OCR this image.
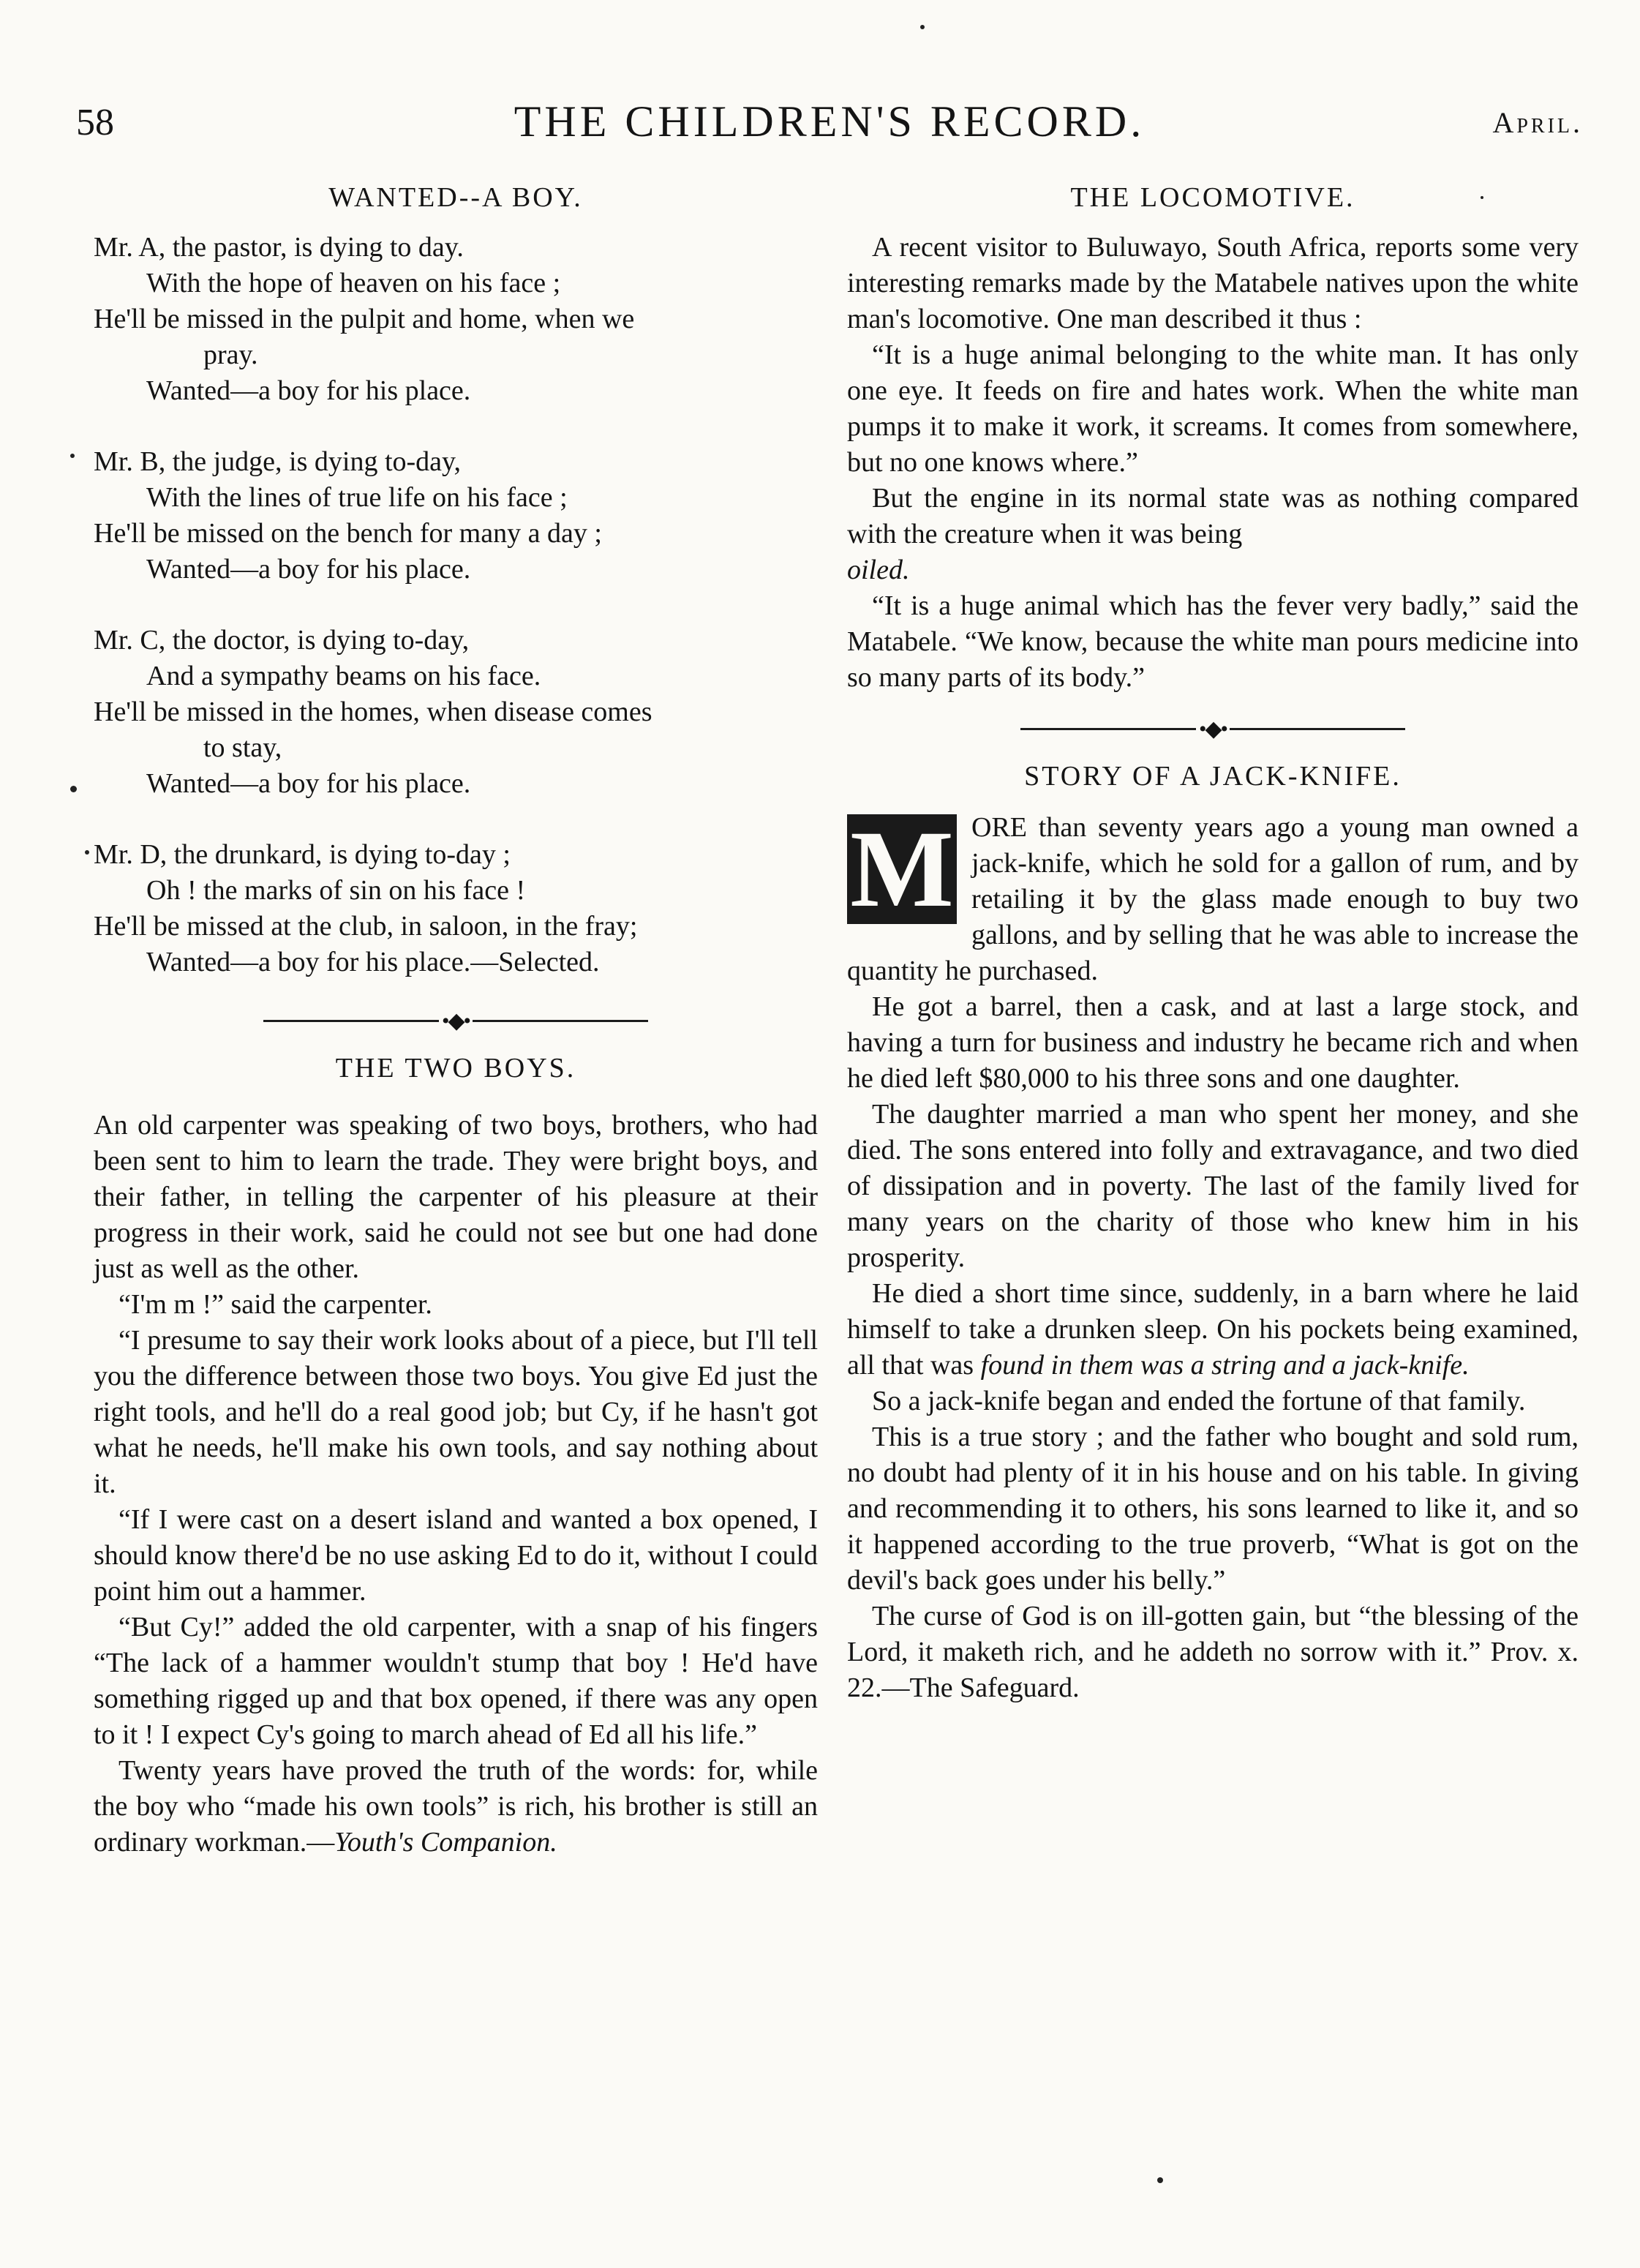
58	THE CHILDREN'S RECORD.	April.
WANTED--A BOY.
Mr. A, the pastor, is dying to day.
With the hope of heaven on his face ;
He'll be missed in the pulpit and home, when we
pray.
Wanted—a boy for his place.
Mr. B, the judge, is dying to-day,
With the lines of true life on his face ;
He'll be missed on the bench for many a day ;
Wanted—a boy for his place.
Mr. C, the doctor, is dying to-day,
And a sympathy beams on his face.
He'll be missed in the homes, when disease comes
to stay,
Wanted—a boy for his place.
Mr. D, the drunkard, is dying to-day ;
Oh ! the marks of sin on his face !
He'll be missed at the club, in saloon, in the fray;
Wanted—a boy for his place.—Selected.
•◆•
THE TWO BOYS.

An old carpenter was speaking of two boys, brothers, who had been sent to him to learn the trade. They were bright boys, and their father, in telling the carpenter of his pleasure at their progress in their work, said he could not see but one had done just as well as the other.

“I'm m !” said the carpenter.

“I presume to say their work looks about of a piece, but I'll tell you the difference between those two boys. You give Ed just the right tools, and he'll do a real good job; but Cy, if he hasn't got what he needs, he'll make his own tools, and say nothing about it.

“If I were cast on a desert island and wanted a box opened, I should know there'd be no use asking Ed to do it, without I could point him out a hammer.

“But Cy!” added the old carpenter, with a snap of his fingers “The lack of a hammer wouldn't stump that boy ! He'd have something rigged up and that box opened, if there was any open to it ! I expect Cy's going to march ahead of Ed all his life.”

Twenty years have proved the truth of the words: for, while the boy who “made his own tools” is rich, his brother is still an ordinary workman.—Youth's Companion.

THE LOCOMOTIVE.

A recent visitor to Buluwayo, South Africa, reports some very interesting remarks made by the Matabele natives upon the white man's locomotive. One man described it thus :

“It is a huge animal belonging to the white man. It has only one eye. It feeds on fire and hates work. When the white man pumps it to make it work, it screams. It comes from somewhere, but no one knows where.”

But the engine in its normal state was as nothing compared with the creature when it was being

oiled.

“It is a huge animal which has the fever very badly,” said the Matabele. “We know, because the white man pours medicine into so many parts of its body.”

•◆•
STORY OF A JACK-KNIFE.

M ORE than seventy years ago a young man owned a jack-knife, which he sold for a gallon of rum, and by retailing it by the glass made enough to buy two gallons, and by selling that he was able to increase the quantity he purchased.

He got a barrel, then a cask, and at last a large stock, and having a turn for business and industry he became rich and when he died left $80,000 to his three sons and one daughter.

The daughter married a man who spent her money, and she died. The sons entered into folly and extravagance, and two died of dissipation and in poverty. The last of the family lived for many years on the charity of those who knew him in his prosperity.

He died a short time since, suddenly, in a barn where he laid himself to take a drunken sleep. On his pockets being examined, all that was found in them was a string and a jack-knife.

So a jack-knife began and ended the fortune of that family.

This is a true story ; and the father who bought and sold rum, no doubt had plenty of it in his house and on his table. In giving and recommending it to others, his sons learned to like it, and so it happened according to the true proverb, “What is got on the devil's back goes under his belly.”

The curse of God is on ill-gotten gain, but “the blessing of the Lord, it maketh rich, and he addeth no sorrow with it.” Prov. x. 22.—The Safeguard.
